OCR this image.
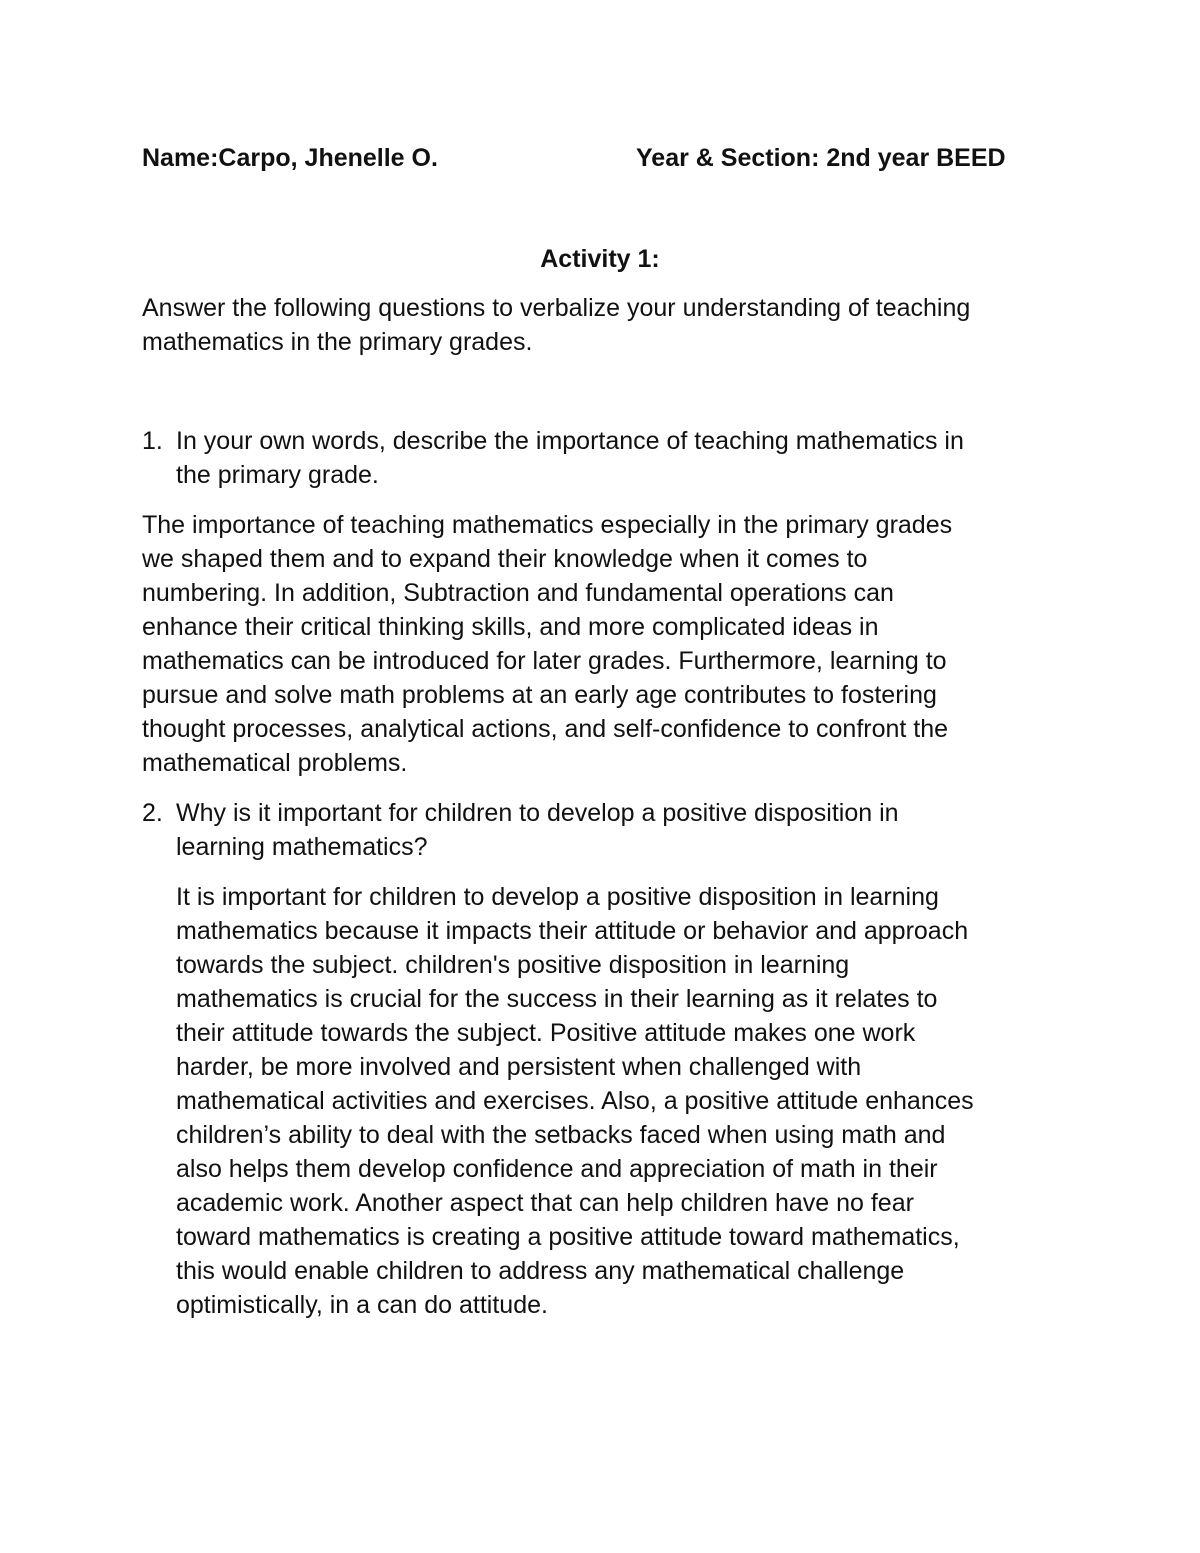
Name:Carpo, Jhenelle O.	Year & Section: 2nd year BEED
Activity 1:
Answer the following questions to verbalize your understanding of teaching
mathematics in the primary grades.
1. In your own words, describe the importance of teaching mathematics in
the primary grade.
The importance of teaching mathematics especially in the primary grades
we shaped them and to expand their knowledge when it comes to
numbering. In addition, Subtraction and fundamental operations can
enhance their critical thinking skills, and more complicated ideas in
mathematics can be introduced for later grades. Furthermore, learning to
pursue and solve math problems at an early age contributes to fostering
thought processes, analytical actions, and self-confidence to confront the
mathematical problems.
2. Why is it important for children to develop a positive disposition in
learning mathematics?
It is important for children to develop a positive disposition in learning
mathematics because it impacts their attitude or behavior and approach
towards the subject. children's positive disposition in learning
mathematics is crucial for the success in their learning as it relates to
their attitude towards the subject. Positive attitude makes one work
harder, be more involved and persistent when challenged with
mathematical activities and exercises. Also, a positive attitude enhances
children’s ability to deal with the setbacks faced when using math and
also helps them develop confidence and appreciation of math in their
academic work. Another aspect that can help children have no fear
toward mathematics is creating a positive attitude toward mathematics,
this would enable children to address any mathematical challenge
optimistically, in a can do attitude.
